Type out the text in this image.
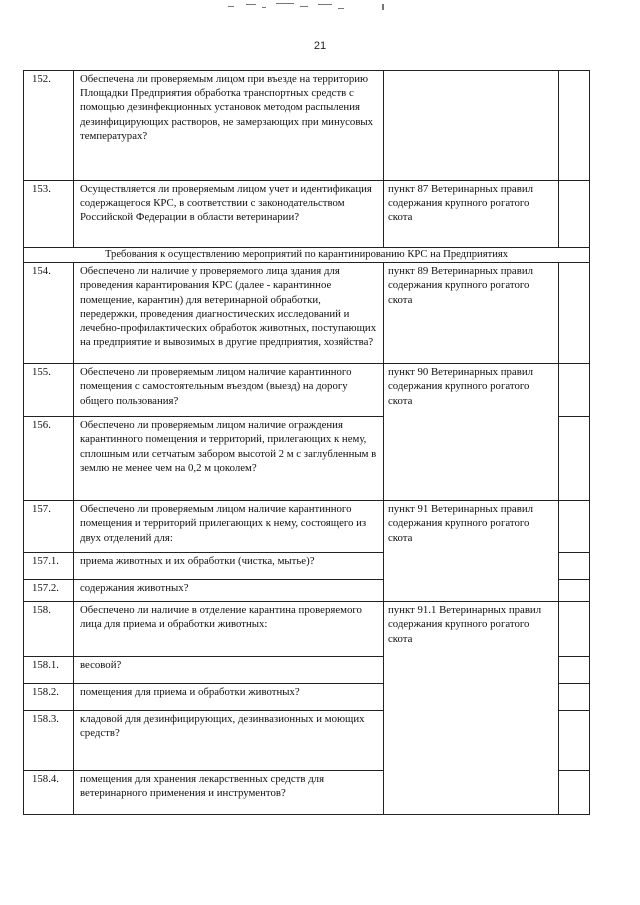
21
152.	Обеспечена ли проверяемым лицом при въезде на территорию Площадки Предприятия обработка транспортных средств с помощью дезинфекционных установок методом распыления дезинфицирующих растворов, не замерзающих при минусовых температурах?		
153.	Осуществляется ли проверяемым лицом учет и идентификация содержащегося КРС, в соответствии с законодательством Российской Федерации в области ветеринарии?	пункт 87 Ветеринарных правил содержания крупного рогатого скота	
Требования к осуществлению мероприятий по карантинированию КРС на Предприятиях			
154.	Обеспечено ли наличие у проверяемого лица здания для проведения карантирования КРС (далее - карантинное помещение, карантин) для ветеринарной обработки, передержки, проведения диагностических исследований и лечебно-профилактических обработок животных, поступающих на предприятие и вывозимых в другие предприятия, хозяйства?	пункт 89 Ветеринарных правил содержания крупного рогатого скота	
155.	Обеспечено ли проверяемым лицом наличие карантинного помещения с самостоятельным въездом (выезд) на дорогу общего пользования?	пункт 90 Ветеринарных правил содержания крупного рогатого скота	
156.	Обеспечено ли проверяемым лицом наличие ограждения карантинного помещения и территорий, прилегающих к нему, сплошным или сетчатым забором высотой 2 м с заглубленным в землю не менее чем на 0,2 м цоколем?		
157.	Обеспечено ли проверяемым лицом наличие карантинного помещения и территорий прилегающих к нему, состоящего из двух отделений для:	пункт 91 Ветеринарных правил содержания крупного рогатого скота	
157.1.	приема животных и их обработки (чистка, мытье)?		
157.2.	содержания животных?		
158.	Обеспечено ли наличие в отделение карантина проверяемого лица для приема и обработки животных:	пункт 91.1 Ветеринарных правил содержания крупного рогатого скота	
158.1.	весовой?		
158.2.	помещения для приема и обработки животных?		
158.3.	кладовой для дезинфицирующих, дезинвазионных и моющих средств?		
158.4.	помещения для хранения лекарственных средств для ветеринарного применения и инструментов?		
